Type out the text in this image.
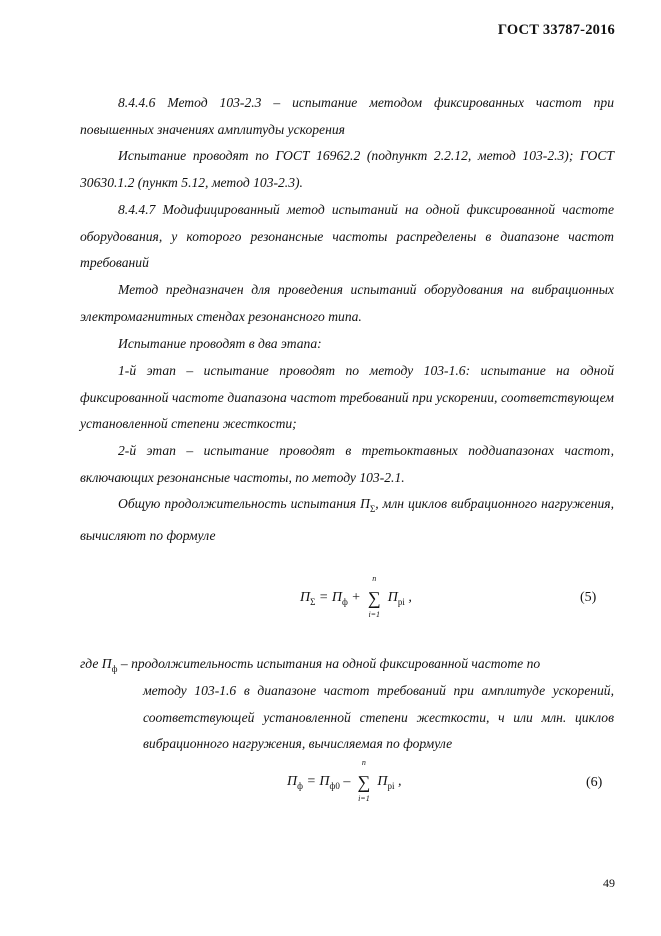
ГОСТ 33787-2016

8.4.4.6 Метод 103-2.3 – испытание методом фиксированных частот при повышенных значениях амплитуды ускорения

Испытание проводят по ГОСТ 16962.2 (подпункт 2.2.12, метод 103-2.3); ГОСТ 30630.1.2 (пункт 5.12, метод 103-2.3).

8.4.4.7 Модифицированный метод испытаний на одной фиксированной частоте оборудования, у которого резонансные частоты распределены в диапазоне частот требований

Метод предназначен для проведения испытаний оборудования на вибрационных электромагнитных стендах резонансного типа.

Испытание проводят в два этапа:

1-й этап – испытание проводят по методу 103-1.6: испытание на одной фиксированной частоте диапазона частот требований при ускорении, соответствующем установленной степени жесткости;

2-й этап – испытание проводят в третьоктавных поддиапазонах частот, включающих резонансные частоты, по методу 103-2.1.

Общую продолжительность испытания $П_\Sigma$, млн циклов вибрационного нагружения, вычисляют по формуле

$П_\Sigma = П_ф$ + ∑
n
i=1
$П_{pi}$ ,	(5)

где $П_ф$ – продолжительность испытания на одной фиксированной частоте по

методу 103-1.6 в диапазоне частот требований при амплитуде ускорений, соответствующей установленной степени жесткости, ч или млн. циклов вибрационного нагружения, вычисляемая по формуле

$П_ф = П_{ф0}$ – ∑
n
i=1
$П_{pi}$ ,	(6)
49
